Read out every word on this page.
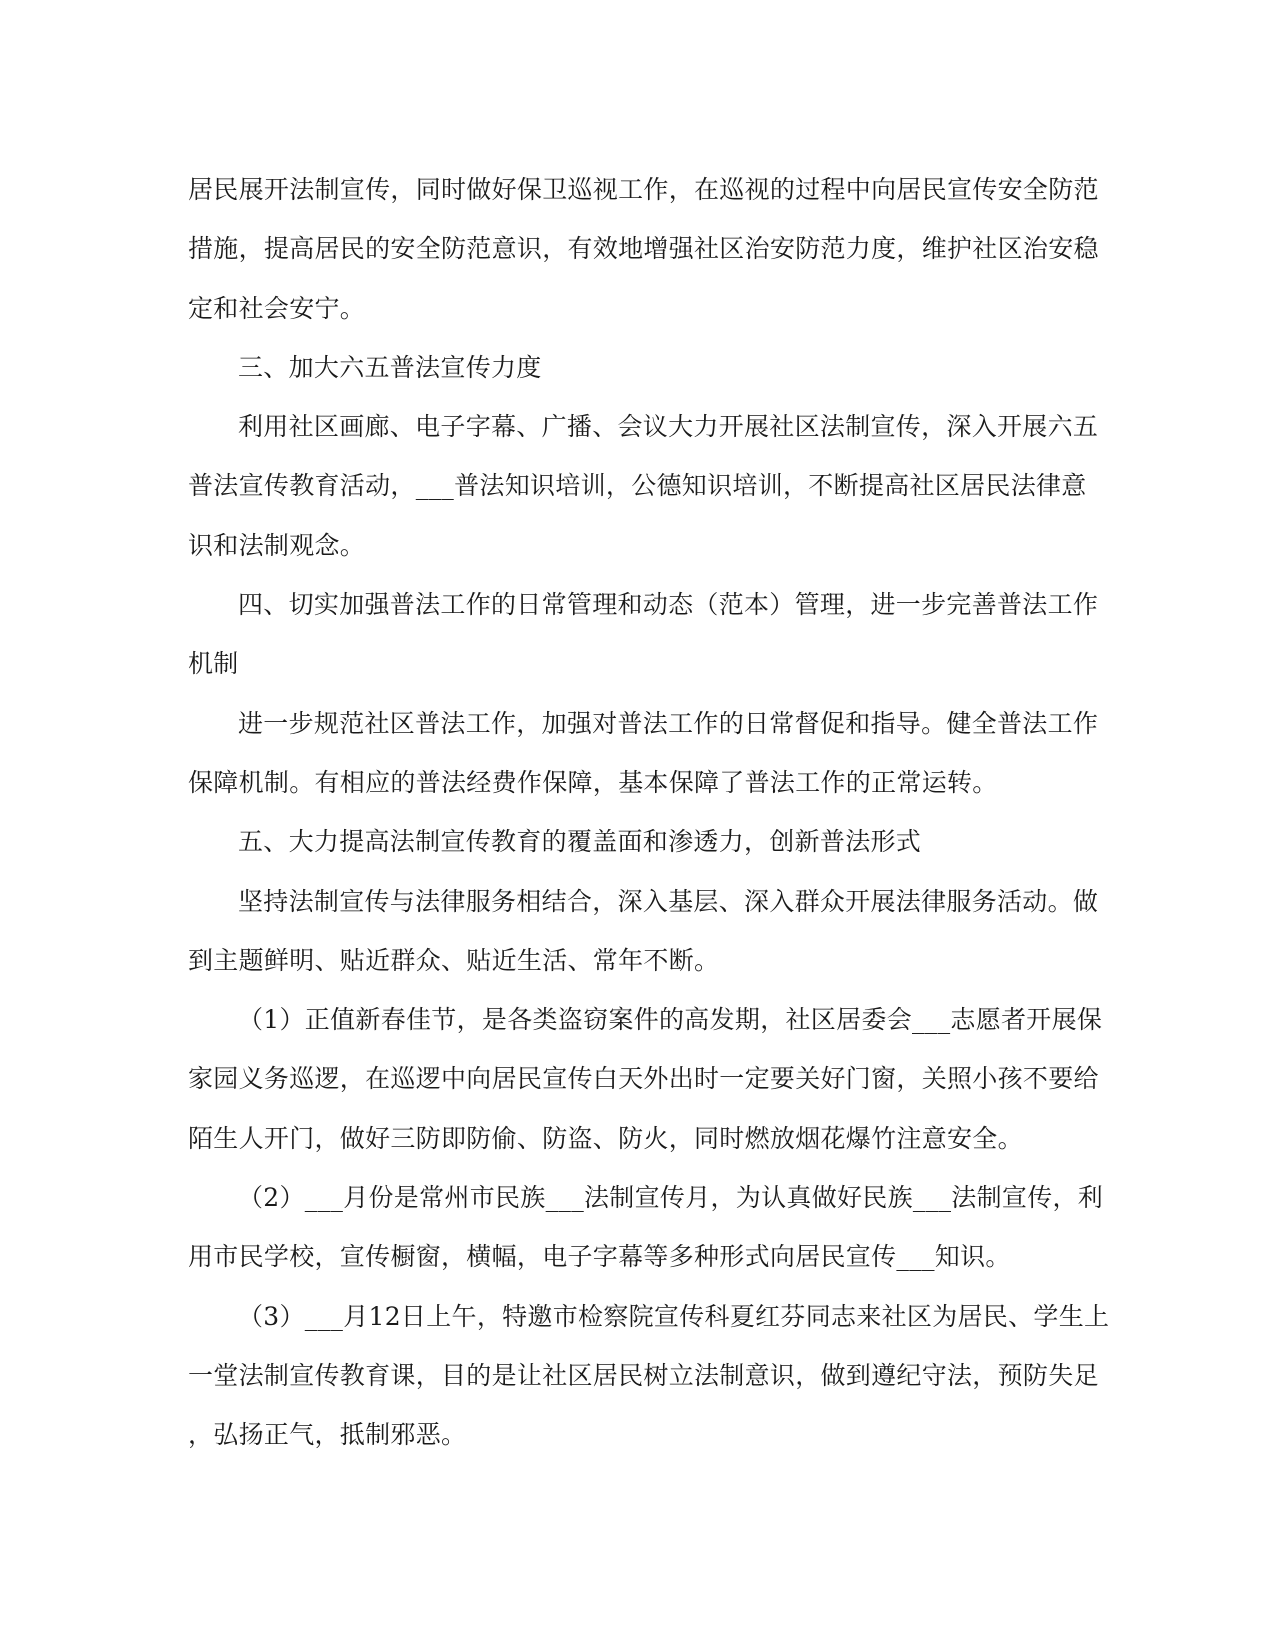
居民展开法制宣传，同时做好保卫巡视工作，在巡视的过程中向居民宣传安全防范
措施，提高居民的安全防范意识，有效地增强社区治安防范力度，维护社区治安稳
定和社会安宁。
三、加大六五普法宣传力度
利用社区画廊、电子字幕、广播、会议大力开展社区法制宣传，深入开展六五
普法宣传教育活动，___普法知识培训，公德知识培训，不断提高社区居民法律意
识和法制观念。
四、切实加强普法工作的日常管理和动态（范本）管理，进一步完善普法工作
机制
进一步规范社区普法工作，加强对普法工作的日常督促和指导。健全普法工作
保障机制。有相应的普法经费作保障，基本保障了普法工作的正常运转。
五、大力提高法制宣传教育的覆盖面和渗透力，创新普法形式
坚持法制宣传与法律服务相结合，深入基层、深入群众开展法律服务活动。做
到主题鲜明、贴近群众、贴近生活、常年不断。
（1）正值新春佳节，是各类盗窃案件的高发期，社区居委会___志愿者开展保
家园义务巡逻，在巡逻中向居民宣传白天外出时一定要关好门窗，关照小孩不要给
陌生人开门，做好三防即防偷、防盗、防火，同时燃放烟花爆竹注意安全。
（2）___月份是常州市民族___法制宣传月，为认真做好民族___法制宣传，利
用市民学校，宣传橱窗，横幅，电子字幕等多种形式向居民宣传___知识。
（3）___月12日上午，特邀市检察院宣传科夏红芬同志来社区为居民、学生上
一堂法制宣传教育课，目的是让社区居民树立法制意识，做到遵纪守法，预防失足
，弘扬正气，抵制邪恶。
